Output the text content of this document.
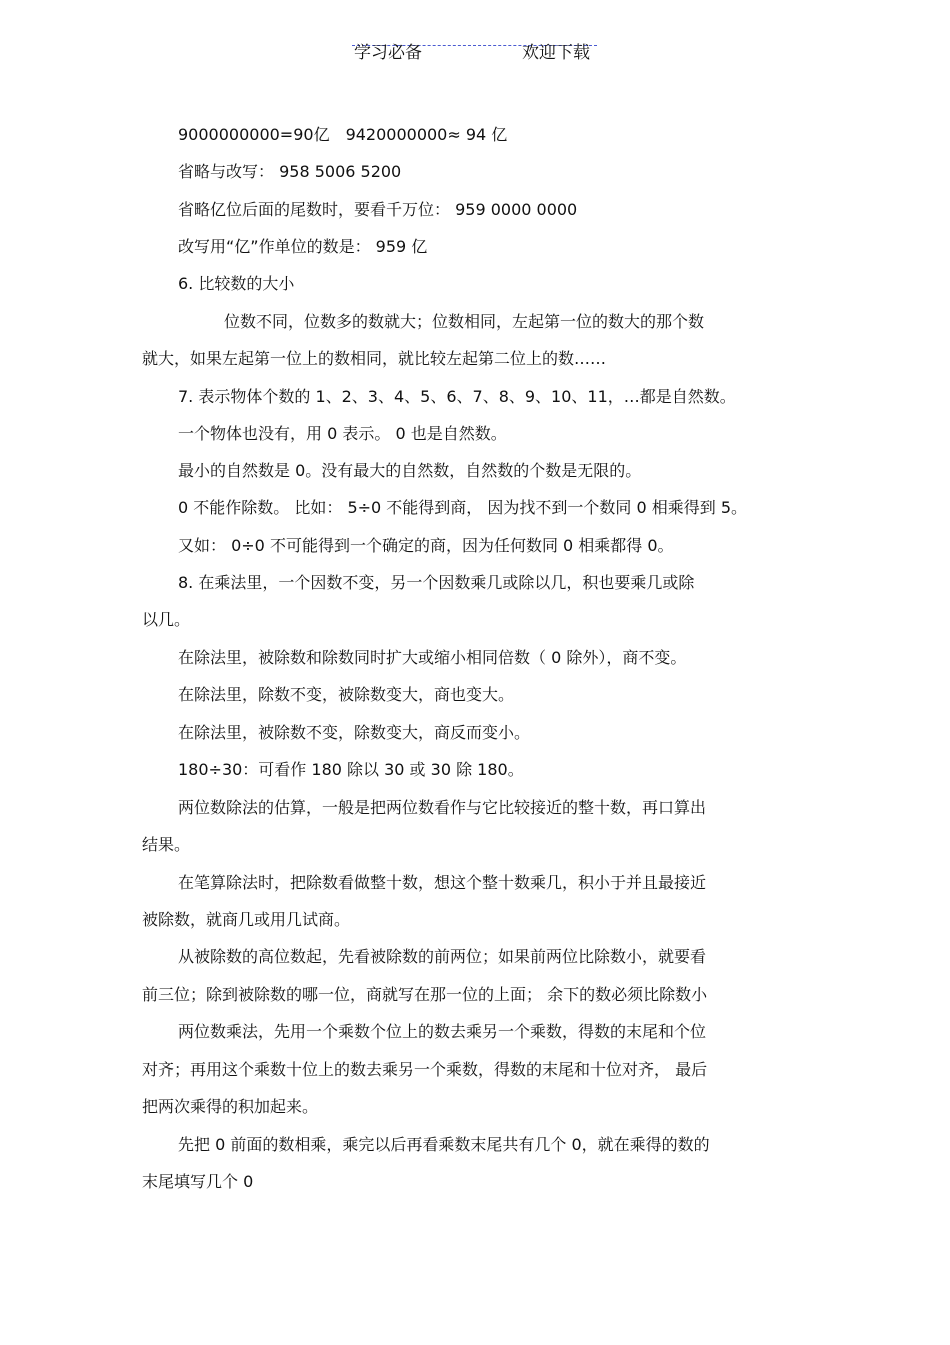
学习必备	欢迎下载

9000000000=90亿　9420000000≈ 94 亿

省略与改写： 958 5006 5200

省略亿位后面的尾数时，要看千万位： 959 0000 0000

改写用“亿”作单位的数是： 959 亿

6. 比较数的大小

位数不同，位数多的数就大；位数相同，左起第一位的数大的那个数

就大，如果左起第一位上的数相同，就比较左起第二位上的数……

7. 表示物体个数的 1、2、3、4、5、6、7、8、9、10、11，…都是自然数。

一个物体也没有，用 0 表示。 0 也是自然数。

最小的自然数是 0。没有最大的自然数，自然数的个数是无限的。

0 不能作除数。 比如： 5÷0 不能得到商， 因为找不到一个数同 0 相乘得到 5。

又如： 0÷0 不可能得到一个确定的商，因为任何数同 0 相乘都得 0。

8. 在乘法里，一个因数不变，另一个因数乘几或除以几，积也要乘几或除

以几。

在除法里，被除数和除数同时扩大或缩小相同倍数（ 0 除外），商不变。

在除法里，除数不变，被除数变大，商也变大。

在除法里，被除数不变，除数变大，商反而变小。

180÷30：可看作 180 除以 30 或 30 除 180。

两位数除法的估算，一般是把两位数看作与它比较接近的整十数，再口算出

结果。

在笔算除法时，把除数看做整十数，想这个整十数乘几，积小于并且最接近

被除数，就商几或用几试商。

从被除数的高位数起，先看被除数的前两位；如果前两位比除数小，就要看

前三位；除到被除数的哪一位，商就写在那一位的上面； 余下的数必须比除数小

两位数乘法，先用一个乘数个位上的数去乘另一个乘数，得数的末尾和个位

对齐；再用这个乘数十位上的数去乘另一个乘数，得数的末尾和十位对齐， 最后

把两次乘得的积加起来。

先把 0 前面的数相乘，乘完以后再看乘数末尾共有几个 0，就在乘得的数的

末尾填写几个 0
